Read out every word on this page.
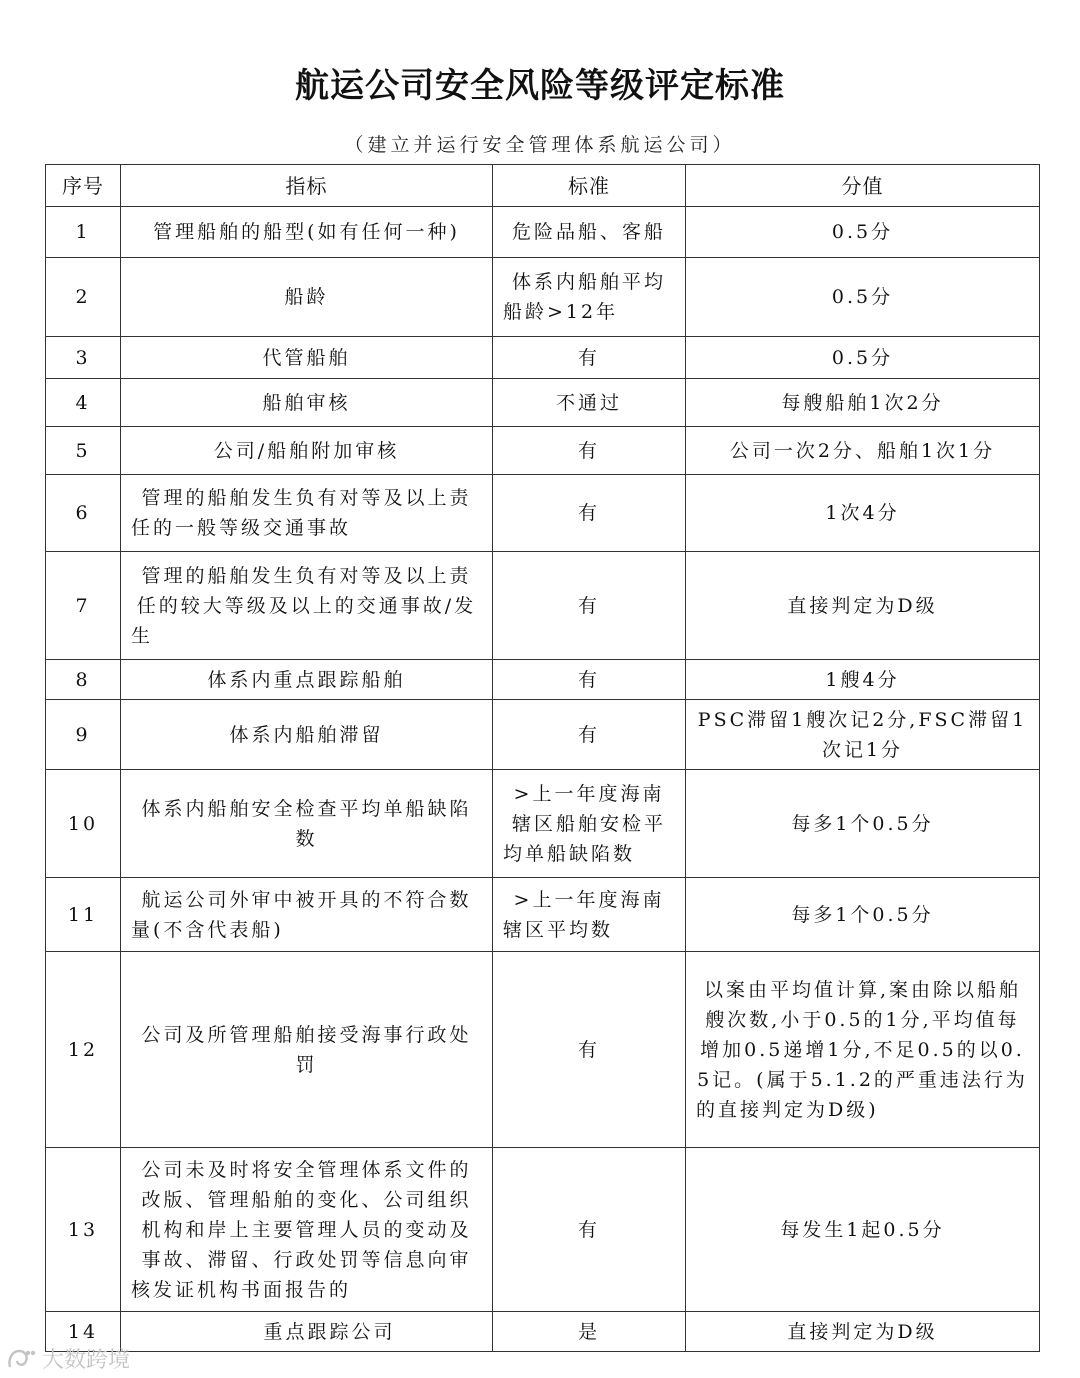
航运公司安全风险等级评定标准
（建立并运行安全管理体系航运公司）
序号	指标	标准	分值
1	管理船舶的船型(如有任何一种)	危险品船、客船	0.5分
2	船龄	体系内船舶平均船龄>12年	0.5分
3	代管船舶	有	0.5分
4	船舶审核	不通过	每艘船舶1次2分
5	公司/船舶附加审核	有	公司一次2分、船舶1次1分
6	管理的船舶发生负有对等及以上责任的一般等级交通事故	有	1次4分
7	管理的船舶发生负有对等及以上责任的较大等级及以上的交通事故/发生	有	直接判定为D级
8	体系内重点跟踪船舶	有	1艘4分
9	体系内船舶滞留	有	PSC滞留1艘次记2分,FSC滞留1次记1分
10	体系内船舶安全检查平均单船缺陷数	>上一年度海南辖区船舶安检平均单船缺陷数	每多1个0.5分
11	航运公司外审中被开具的不符合数量(不含代表船)	>上一年度海南辖区平均数	每多1个0.5分
12	公司及所管理船舶接受海事行政处罚	有	以案由平均值计算,案由除以船舶艘次数,小于0.5的1分,平均值每增加0.5递增1分,不足0.5的以0.5记。(属于5.1.2的严重违法行为的直接判定为D级)
13	公司未及时将安全管理体系文件的改版、管理船舶的变化、公司组织机构和岸上主要管理人员的变动及事故、滞留、行政处罚等信息向审核发证机构书面报告的	有	每发生1起0.5分
14	重点跟踪公司	是	直接判定为D级
大数跨境
